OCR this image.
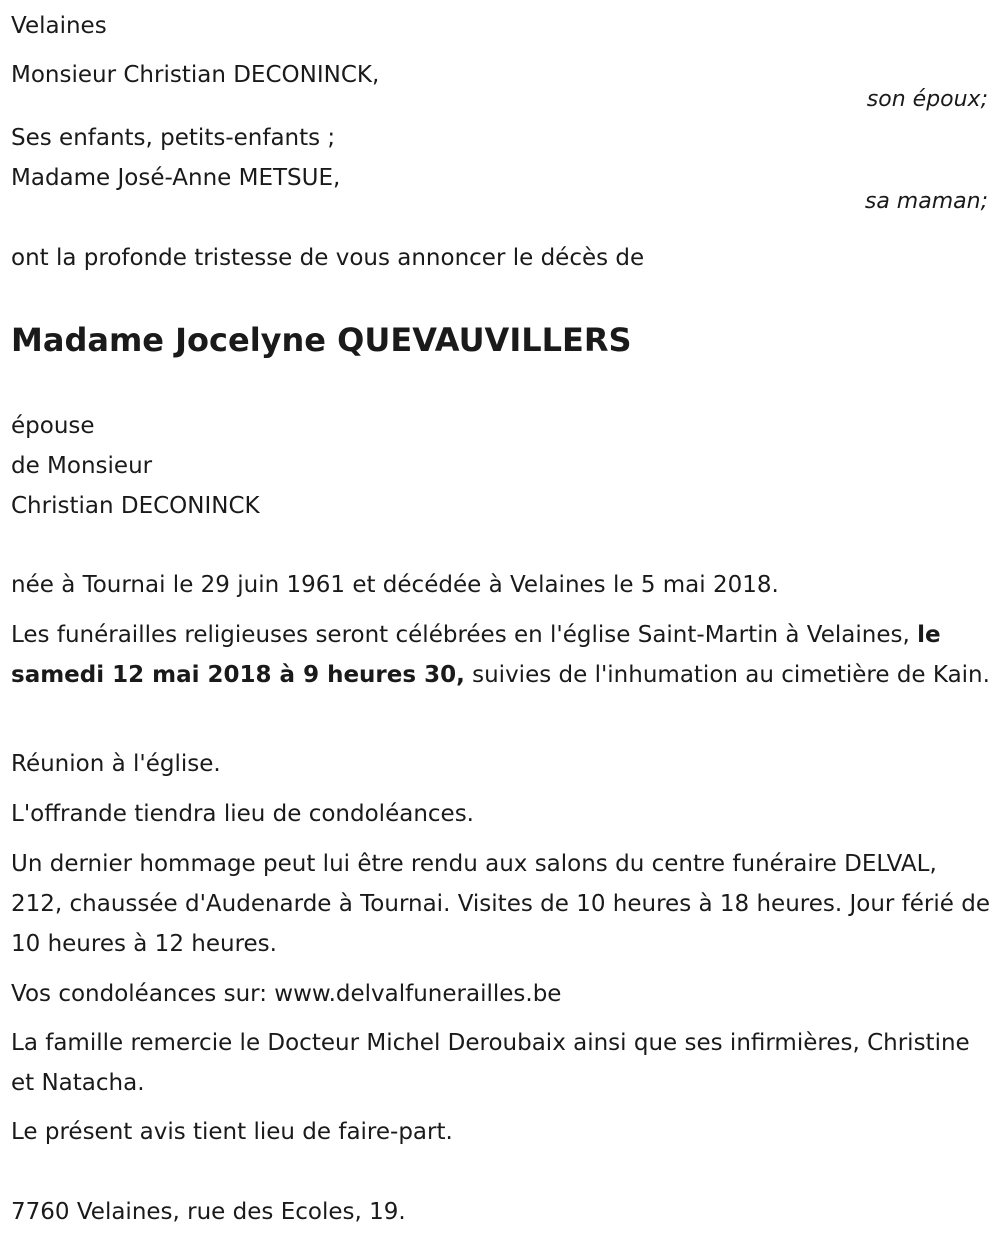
Velaines
Monsieur Christian DECONINCK,
son époux;
Ses enfants, petits-enfants ;
Madame José-Anne METSUE,
sa maman;
ont la profonde tristesse de vous annoncer le décès de
Madame Jocelyne QUEVAUVILLERS
épouse
de Monsieur
Christian DECONINCK
née à Tournai le 29 juin 1961 et décédée à Velaines le 5 mai 2018.
Les funérailles religieuses seront célébrées en l'église Saint-Martin à Velaines, le samedi 12 mai 2018 à 9 heures 30, suivies de l'inhumation au cimetière de Kain.
Réunion à l'église.
L'offrande tiendra lieu de condoléances.
Un dernier hommage peut lui être rendu aux salons du centre funéraire DELVAL, 212, chaussée d'Audenarde à Tournai. Visites de 10 heures à 18 heures. Jour férié de 10 heures à 12 heures.
Vos condoléances sur: www.delvalfunerailles.be
La famille remercie le Docteur Michel Deroubaix ainsi que ses infirmières, Christine et Natacha.
Le présent avis tient lieu de faire-part.
7760 Velaines, rue des Ecoles, 19.
